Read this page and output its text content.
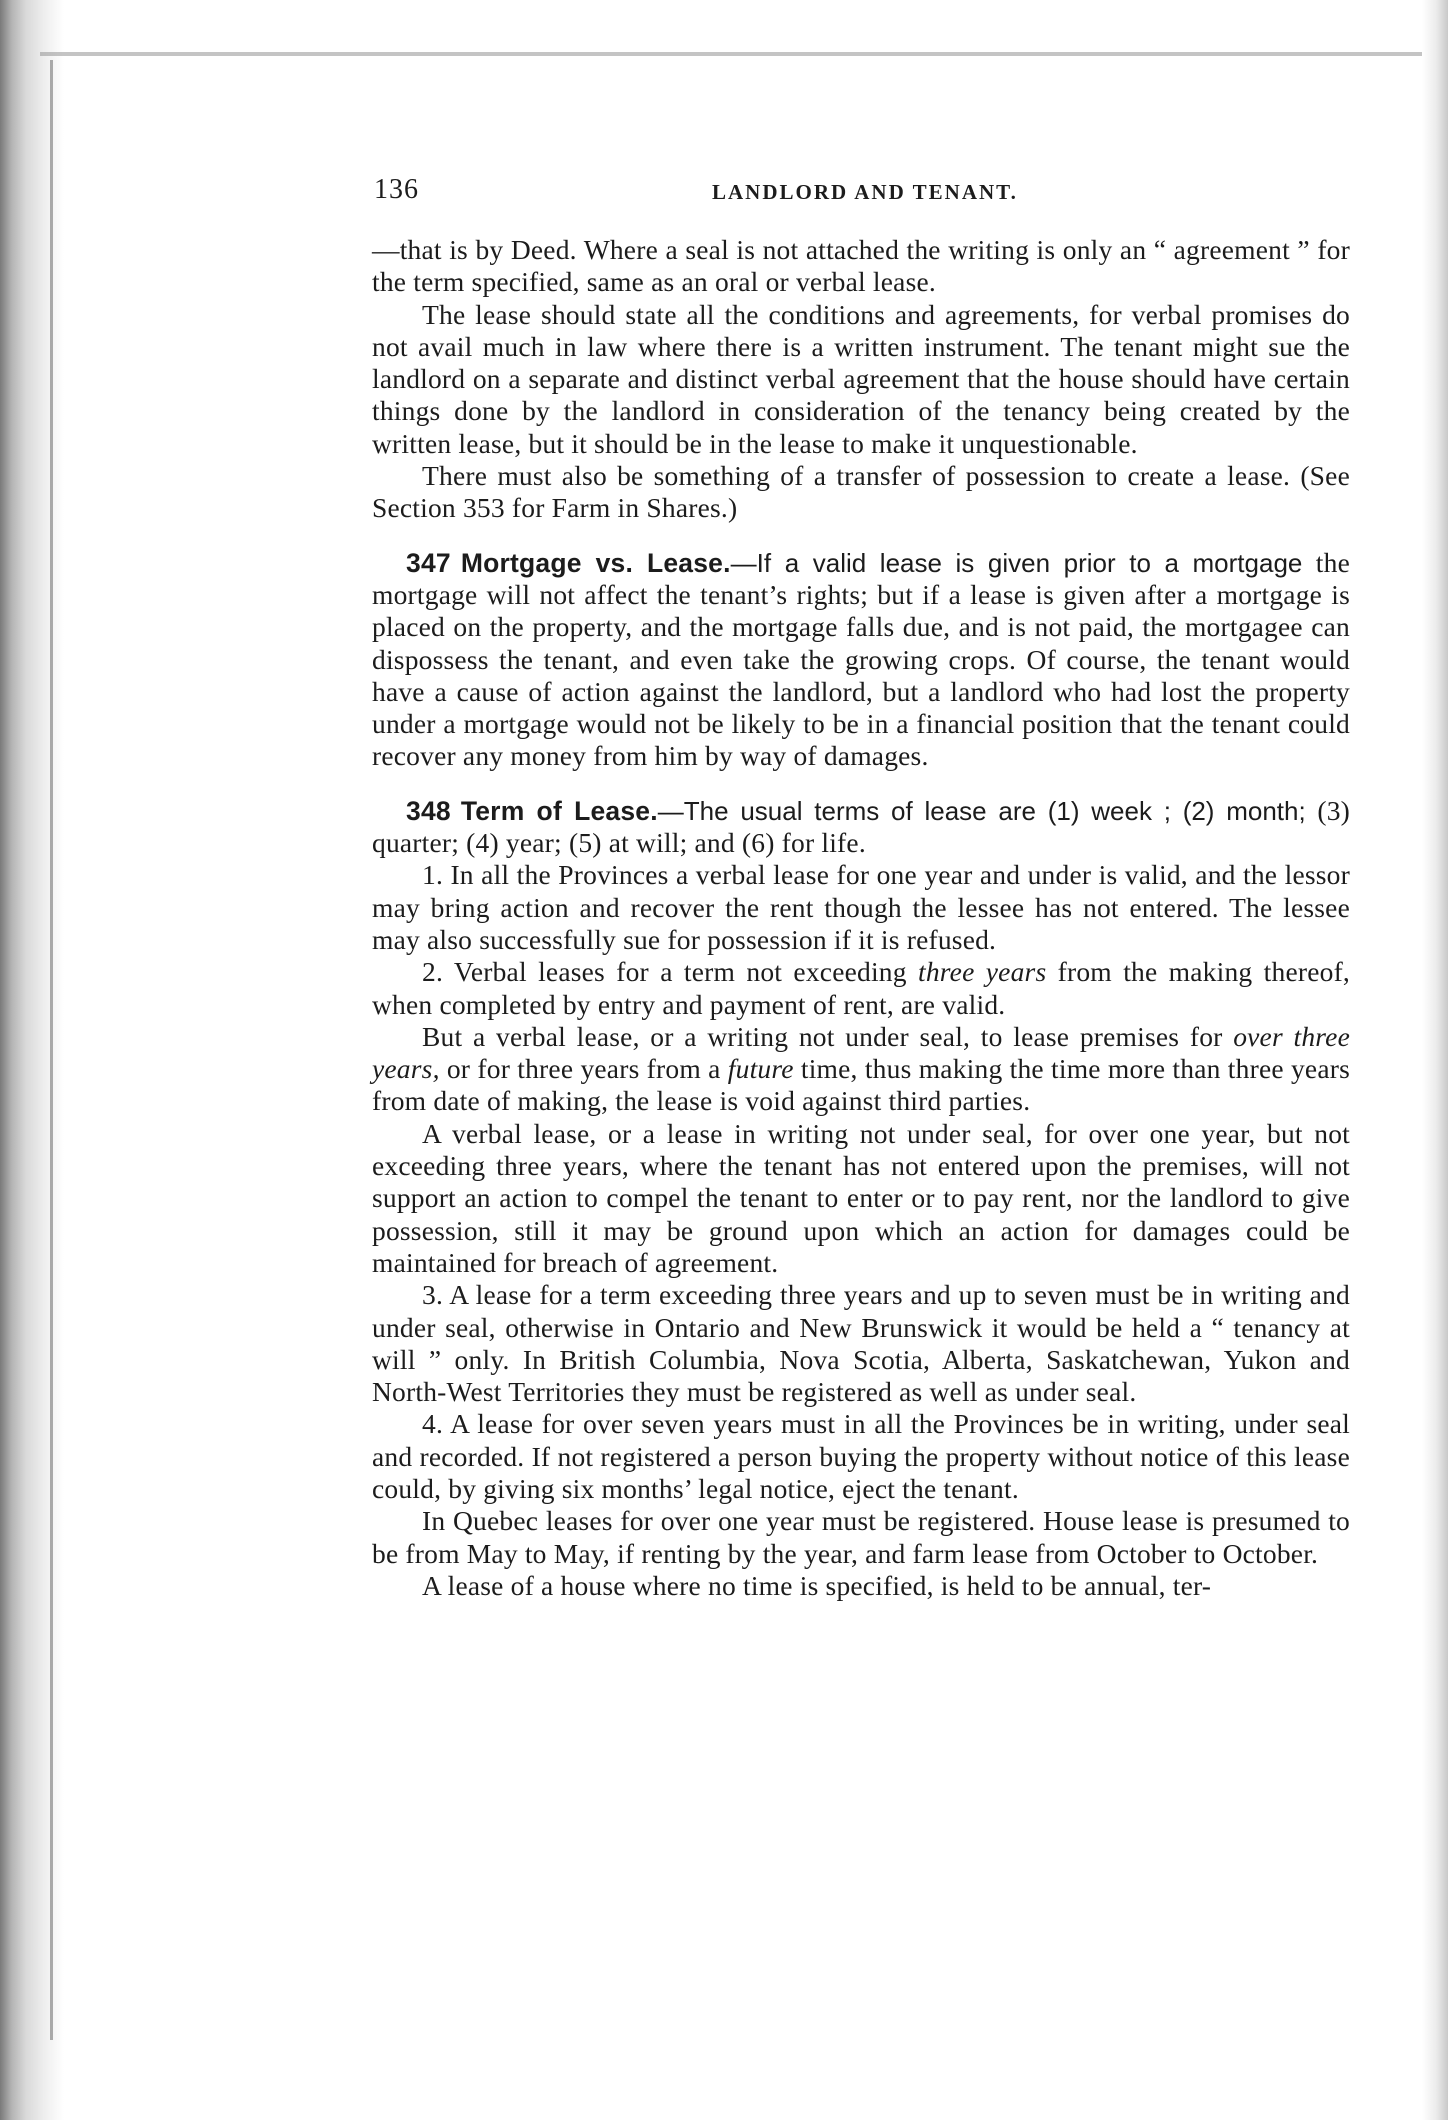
136	LANDLORD AND TENANT.

—that is by Deed. Where a seal is not attached the writing is only an “ agreement ” for the term specified, same as an oral or verbal lease.

The lease should state all the conditions and agreements, for verbal promises do not avail much in law where there is a written instrument. The tenant might sue the landlord on a separate and distinct verbal agreement that the house should have certain things done by the landlord in consideration of the tenancy being created by the written lease, but it should be in the lease to make it unquestionable.

There must also be something of a transfer of possession to create a lease. (See Section 353 for Farm in Shares.)

347 Mortgage vs. Lease.—If a valid lease is given prior to a mortgage the mortgage will not affect the tenant’s rights; but if a lease is given after a mortgage is placed on the property, and the mortgage falls due, and is not paid, the mortgagee can dispossess the tenant, and even take the growing crops. Of course, the tenant would have a cause of action against the landlord, but a landlord who had lost the property under a mortgage would not be likely to be in a financial position that the tenant could recover any money from him by way of damages.

348 Term of Lease.—The usual terms of lease are (1) week ; (2) month; (3) quarter; (4) year; (5) at will; and (6) for life.

1. In all the Provinces a verbal lease for one year and under is valid, and the lessor may bring action and recover the rent though the lessee has not entered. The lessee may also successfully sue for possession if it is refused.

2. Verbal leases for a term not exceeding three years from the making thereof, when completed by entry and payment of rent, are valid.

But a verbal lease, or a writing not under seal, to lease premises for over three years, or for three years from a future time, thus making the time more than three years from date of making, the lease is void against third parties.

A verbal lease, or a lease in writing not under seal, for over one year, but not exceeding three years, where the tenant has not entered upon the premises, will not support an action to compel the tenant to enter or to pay rent, nor the landlord to give possession, still it may be ground upon which an action for damages could be maintained for breach of agreement.

3. A lease for a term exceeding three years and up to seven must be in writing and under seal, otherwise in Ontario and New Brunswick it would be held a “ tenancy at will ” only. In British Columbia, Nova Scotia, Alberta, Saskatchewan, Yukon and North-West Territories they must be registered as well as under seal.

4. A lease for over seven years must in all the Provinces be in writing, under seal and recorded. If not registered a person buying the property without notice of this lease could, by giving six months’ legal notice, eject the tenant.

In Quebec leases for over one year must be registered. House lease is presumed to be from May to May, if renting by the year, and farm lease from October to October.

A lease of a house where no time is specified, is held to be annual, ter-
